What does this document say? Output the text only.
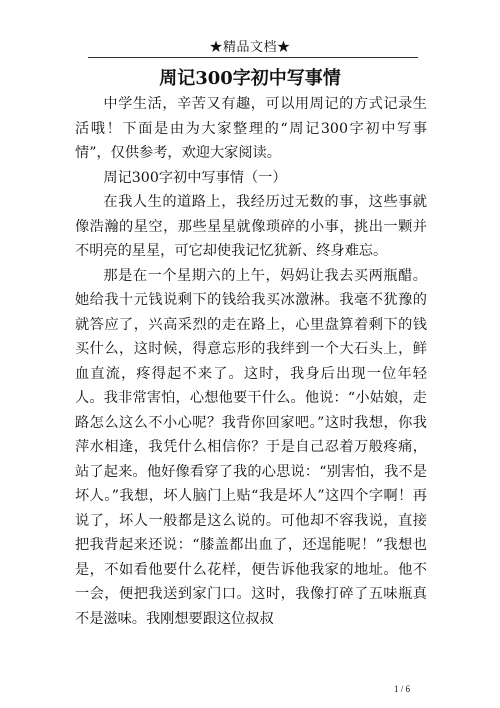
★精品文档★
周记300字初中写事情

中学生活，辛苦又有趣，可以用周记的方式记录生活哦！下面是由为大家整理的“周记300字初中写事情”，仅供参考，欢迎大家阅读。

周记300字初中写事情（一）

在我人生的道路上，我经历过无数的事，这些事就像浩瀚的星空，那些星星就像琐碎的小事，挑出一颗并不明亮的星星，可它却使我记忆犹新、终身难忘。

那是在一个星期六的上午，妈妈让我去买两瓶醋。她给我十元钱说剩下的钱给我买冰激淋。我毫不犹豫的就答应了，兴高采烈的走在路上，心里盘算着剩下的钱买什么，这时候，得意忘形的我绊到一个大石头上，鲜血直流，疼得起不来了。这时，我身后出现一位年轻人。我非常害怕，心想他要干什么。他说：“小姑娘，走路怎么这么不小心呢？我背你回家吧。”这时我想，你我萍水相逢，我凭什么相信你？于是自己忍着万般疼痛，站了起来。他好像看穿了我的心思说：“别害怕，我不是坏人。”我想，坏人脑门上贴“我是坏人”这四个字啊！再说了，坏人一般都是这么说的。可他却不容我说，直接把我背起来还说：“膝盖都出血了，还逞能呢！”我想也是，不如看他要什么花样，便告诉他我家的地址。他不一会，便把我送到家门口。这时，我像打碎了五味瓶真不是滋味。我刚想要跟这位叔叔

1 / 6
